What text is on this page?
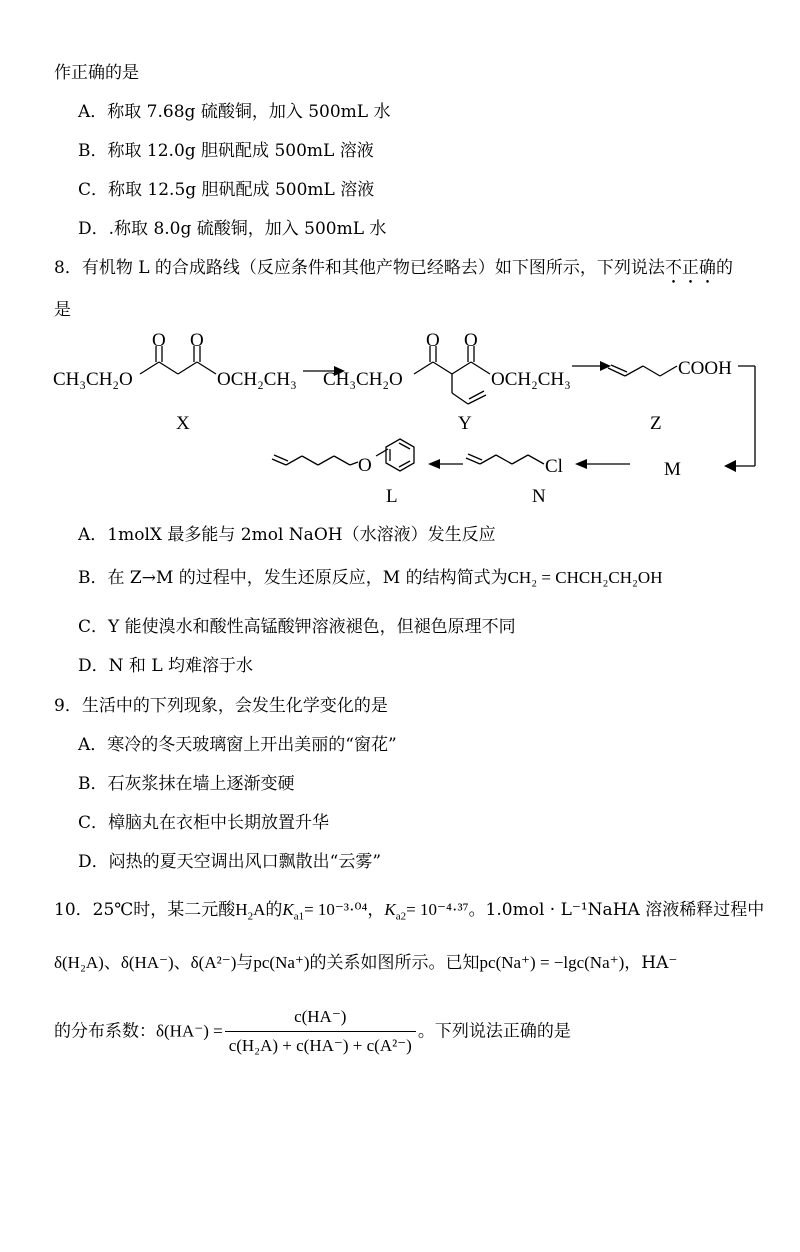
作正确的是
A．称取 7.68g 硫酸铜，加入 500mL 水
B．称取 12.0g 胆矾配成 500mL 溶液
C．称取 12.5g 胆矾配成 500mL 溶液
D．.称取 8.0g 硫酸铜，加入 500mL 水
8．有机物 L 的合成路线（反应条件和其他产物已经略去）如下图所示，下列说法不正确的
是
CH₃CH₂O	OCH₂CH₃
O O
CH₃CH₂O	OCH₂CH₃
O O
COOH
O	Cl
X	Y	Z
M
N
L
A．1molX 最多能与 2mol NaOH（水溶液）发生反应
B．在 Z→M 的过程中，发生还原反应，M 的结构简式为CH₂ = CHCH₂CH₂OH
C．Y 能使溴水和酸性高锰酸钾溶液褪色，但褪色原理不同
D．N 和 L 均难溶于水
9．生活中的下列现象，会发生化学变化的是
A．寒冷的冬天玻璃窗上开出美丽的“窗花”
B．石灰浆抹在墙上逐渐变硬
C．樟脑丸在衣柜中长期放置升华
D．闷热的夏天空调出风口飘散出“云雾”
10．25℃时，某二元酸$H_2A$的$K_{a1}= 10^{-3}\cdot^{04}$，$K_{a2}= 10^{-4}\cdot^{37}$。1.0mol · L⁻¹NaHA 溶液稀释过程中
δ(H₂A)、δ(HA⁻)、δ(A²⁻)与pc(Na⁺)的关系如图所示。已知pc(Na⁺) = −lgc(Na⁺)，HA⁻
的分布系数：$\delta(HA^-) = \frac{c(HA^-)}{\text{c(H₂A) + c(HA⁻) + c(A²⁻)}}$ 。下列说法正确的是
